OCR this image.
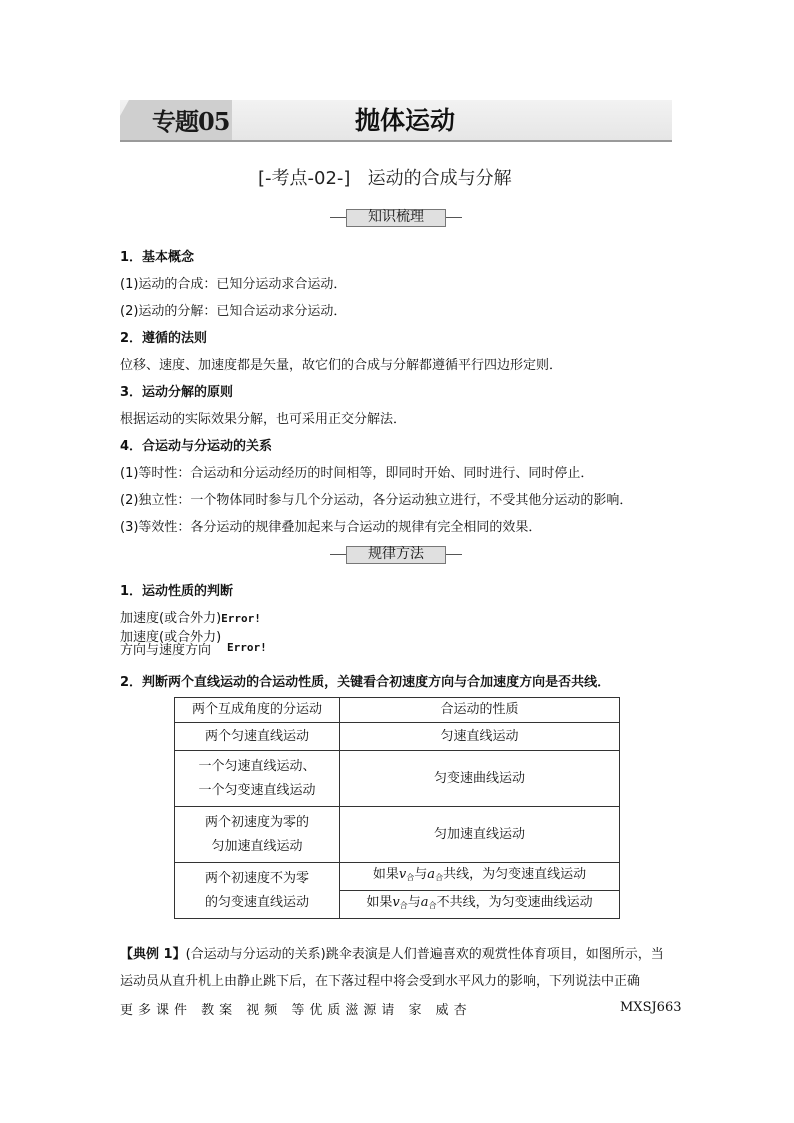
专题05	抛体运动
[-考点-02-]   运动的合成与分解
知识梳理
1．基本概念
(1)运动的合成：已知分运动求合运动．
(2)运动的分解：已知合运动求分运动．
2．遵循的法则
位移、速度、加速度都是矢量，故它们的合成与分解都遵循平行四边形定则．
3．运动分解的原则
根据运动的实际效果分解，也可采用正交分解法．
4．合运动与分运动的关系
(1)等时性：合运动和分运动经历的时间相等，即同时开始、同时进行、同时停止．
(2)独立性：一个物体同时参与几个分运动，各分运动独立进行，不受其他分运动的影响．
(3)等效性：各分运动的规律叠加起来与合运动的规律有完全相同的效果．
规律方法
1．运动性质的判断
加速度(或合外力)Error!
加速度(或合外力)
方向与速度方向	Error!
2．判断两个直线运动的合运动性质，关键看合初速度方向与合加速度方向是否共线．
两个互成角度的分运动	合运动的性质
两个匀速直线运动	匀速直线运动

一个匀速直线运动、
一个匀变速直线运动	匀变速曲线运动

两个初速度为零的
匀加速直线运动	匀加速直线运动

两个初速度不为零
的匀变速直线运动	如果$v_合$与$a_合$共线，为匀变速直线运动
	如果$v_合$与$a_合$不共线，为匀变速曲线运动
【典例 1】(合运动与分运动的关系)跳伞表演是人们普遍喜欢的观赏性体育项目，如图所示，当
运动员从直升机上由静止跳下后，在下落过程中将会受到水平风力的影响，下列说法中正确
更多课件 教案 视频 等优质滋源请 家 威杏	MXSJ663
